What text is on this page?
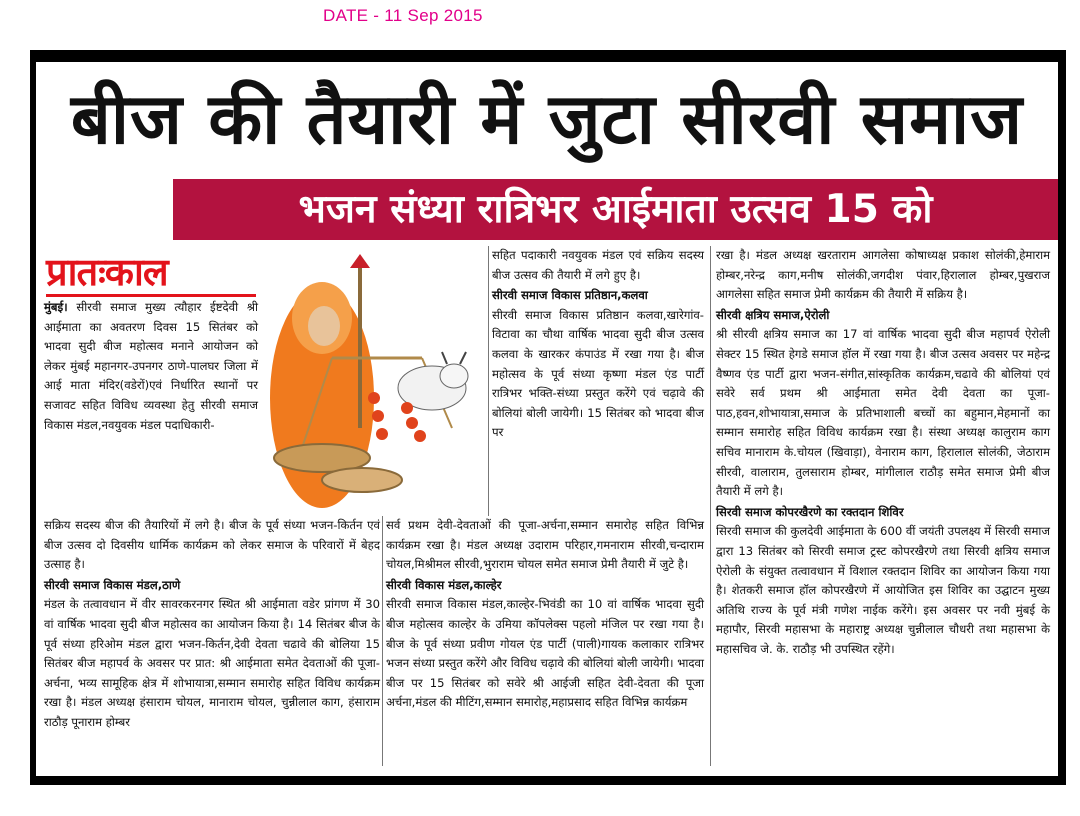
DATE - 11 Sep 2015
बीज की तैयारी में जुटा सीरवी समाज
भजन संध्या रात्रिभर आईमाता उत्सव 15 को
प्रातःकाल

मुंबई। सीरवी समाज मुख्य त्यौहार ईष्टदेवी श्री आईमाता का अवतरण दिवस 15 सितंबर को भादवा सुदी बीज महोत्सव मनाने आयोजन को लेकर मुंबई महानगर-उपनगर ठाणे-पालघर जिला में आई माता मंदिर(वडेरों)एवं निर्धारित स्थानों पर सजावट सहित विविध व्यवस्था हेतु सीरवी समाज विकास मंडल,नवयुवक मंडल पदाधिकारी-

सक्रिय सदस्य बीज की तैयारियों में लगे है। बीज के पूर्व संध्या भजन-किर्तन एवं बीज उत्सव दो दिवसीय धार्मिक कार्यक्रम को लेकर समाज के परिवारों में बेहद उत्साह है।

सीरवी समाज विकास मंडल,ठाणे

मंडल के तत्वावधान में वीर सावरकरनगर स्थित श्री आईमाता वडेर प्रांगण में 30 वां वार्षिक भादवा सुदी बीज महोत्सव का आयोजन किया है। 14 सितंबर बीज के पूर्व संध्या हरिओम मंडल द्वारा भजन-किर्तन,देवी देवता चढावे की बोलिया 15 सितंबर बीज महापर्व के अवसर पर प्रात: श्री आईमाता समेत देवताओं की पूजा-अर्चना, भव्य सामूहिक क्षेत्र में शोभायात्रा,सम्मान समारोह सहित विविध कार्यक्रम रखा है। मंडल अध्यक्ष हंसाराम चोयल, मानाराम चोयल, चुन्नीलाल काग, हंसाराम राठौड़ पूनाराम होम्बर

सहित पदाकारी नवयुवक मंडल एवं सक्रिय सदस्य बीज उत्सव की तैयारी में लगे हुए है।

सीरवी समाज विकास प्रतिष्ठान,कलवा

सीरवी समाज विकास प्रतिष्ठान कलवा,खारेगांव-विटावा का चौथा वार्षिक भादवा सुदी बीज उत्सव कलवा के खारकर कंपाउंड में रखा गया है। बीज महोत्सव के पूर्व संध्या कृष्णा मंडल एंड पार्टी रात्रिभर भक्ति-संध्या प्रस्तुत करेंगे एवं चढ़ावे की बोलियां बोली जायेगी। 15 सितंबर को भादवा बीज पर

सर्व प्रथम देवी-देवताओं की पूजा-अर्चना,सम्मान समारोह सहित विभिन्न कार्यक्रम रखा है। मंडल अध्यक्ष उदाराम परिहार,गमनाराम सीरवी,चन्दाराम चोयल,मिश्रीमल सीरवी,भुराराम चोयल समेत समाज प्रेमी तैयारी में जुटे है।

सीरवी विकास मंडल,काल्हेर

सीरवी समाज विकास मंडल,काल्हेर-भिवंडी का 10 वां वार्षिक भादवा सुदी बीज महोत्सव काल्हेर के उमिया कॉपलेक्स पहलो मंजिल पर रखा गया है। बीज के पूर्व संध्या प्रवीण गोयल एंड पार्टी (पाली)गायक कलाकार रात्रिभर भजन संध्या प्रस्तुत करेंगे और विविध चढ़ावे की बोलियां बोली जायेगी। भादवा बीज पर 15 सितंबर को सवेरे श्री आईजी सहित देवी-देवता की पूजा अर्चना,मंडल की मीटिंग,सम्मान समारोह,महाप्रसाद सहित विभिन्न कार्यक्रम

रखा है। मंडल अध्यक्ष खरताराम आगलेसा कोषाध्यक्ष प्रकाश सोलंकी,हेमाराम होम्बर,नरेन्द्र काग,मनीष सोलंकी,जगदीश पंवार,हिरालाल होम्बर,पुखराज आगलेसा सहित समाज प्रेमी कार्यक्रम की तैयारी में सक्रिय है।

सीरवी क्षत्रिय समाज,ऐरोली

श्री सीरवी क्षत्रिय समाज का 17 वां वार्षिक भादवा सुदी बीज महापर्व ऐरोली सेक्टर 15 स्थित हेगडे समाज हॉल में रखा गया है। बीज उत्सव अवसर पर महेन्द्र वैष्णव एंड पार्टी द्वारा भजन-संगीत,सांस्कृतिक कार्यक्रम,चढावे की बोलियां एवं सवेरे सर्व प्रथम श्री आईमाता समेत देवी देवता का पूजा-पाठ,हवन,शोभायात्रा,समाज के प्रतिभाशाली बच्चों का बहुमान,मेहमानों का सम्मान समारोह सहित विविध कार्यक्रम रखा है। संस्था अध्यक्ष कालुराम काग सचिव मानाराम के.चोयल (खिवाड़ा), वेनाराम काग, हिरालाल सोलंकी, जेठाराम सीरवी, वालाराम, तुलसाराम होम्बर, मांगीलाल राठौड़ समेत समाज प्रेमी बीज तैयारी में लगे है।

सिरवी समाज कोपरखैरणे का रक्तदान शिविर

सिरवी समाज की कुलदेवी आईमाता के 600 वीं जयंती उपलक्ष्य में सिरवी समाज द्वारा 13 सितंबर को सिरवी समाज ट्रस्ट कोपरखैरणे तथा सिरवी क्षत्रिय समाज ऐरोली के संयुक्त तत्वावधान में विशाल रक्तदान शिविर का आयोजन किया गया है। शेतकरी समाज हॉल कोपरखैरणे में आयोजित इस शिविर का उद्घाटन मुख्य अतिथि राज्य के पूर्व मंत्री गणेश नाईक करेंगे। इस अवसर पर नवी मुंबई के महापौर, सिरवी महासभा के महाराष्ट्र अध्यक्ष चुन्नीलाल चौधरी तथा महासभा के महासचिव जे. के. राठौड़ भी उपस्थित रहेंगे।
